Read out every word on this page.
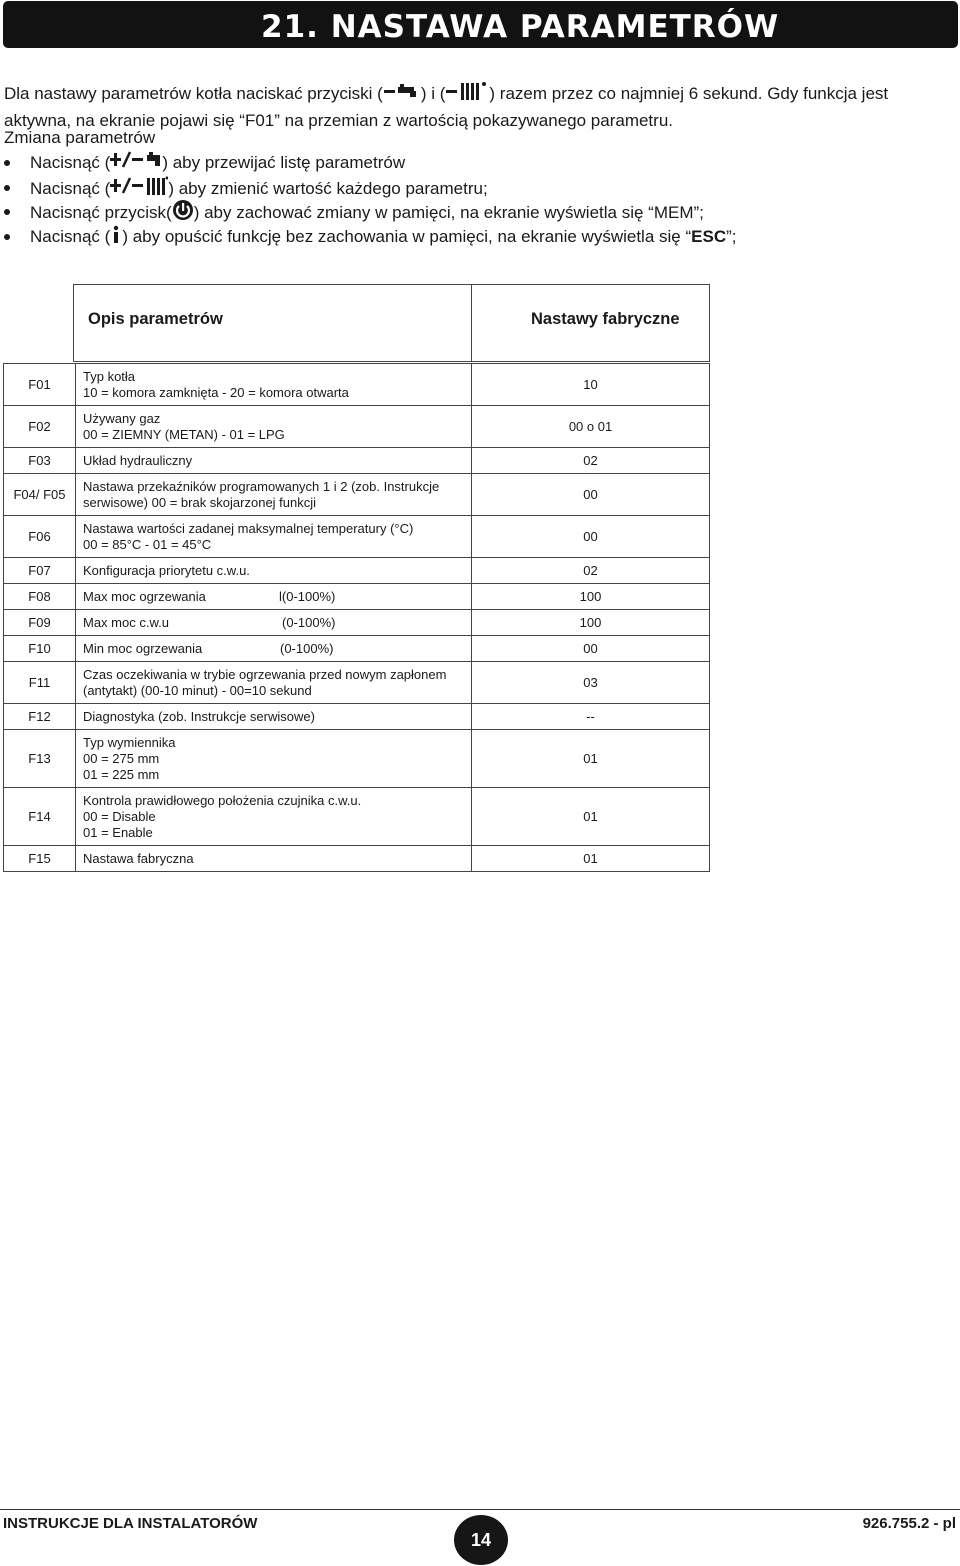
21. NASTAWA PARAMETRÓW

Dla nastawy parametrów kotła naciskać przyciski ( ) i (	) razem przez co najmniej 6 sekund. Gdy funkcja jest aktywna, na ekranie pojawi się “F01” na przemian z wartością pokazywanego parametru.

Zmiana parametrów
Nacisnąć (	) aby przewijać listę parametrów
Nacisnąć (	) aby zmienić wartość każdego parametru;
Nacisnąć przycisk( ) aby zachować zmiany w pamięci, na ekranie wyświetla się “MEM”;
Nacisnąć ( ) aby opuścić funkcję bez zachowania w pamięci, na ekranie wyświetla się “ESC”;
Opis parametrów	Nastawy fabryczne
F01	Typ kotła
10 = komora zamknięta - 20 = komora otwarta	10
F02	Używany gaz
00 = ZIEMNY (METAN) - 01 = LPG	00 o 01
F03	Układ hydrauliczny	02
F04/ F05	Nastawa przekaźników programowanych 1 i 2 (zob. Instrukcje
serwisowe) 00 = brak skojarzonej funkcji	00
F06	Nastawa wartości zadanej maksymalnej temperatury (°C)
00 = 85°C - 01 = 45°C	00
F07	Konfiguracja priorytetu c.w.u.	02
F08	Max moc ogrzewania l(0-100%)	100
F09	Max moc c.w.u (0-100%)	100
F10	Min moc ogrzewania (0-100%)	00
F11	Czas oczekiwania w trybie ogrzewania przed nowym zapłonem
(antytakt) (00-10 minut) - 00=10 sekund	03
F12	Diagnostyka (zob. Instrukcje serwisowe)	--
F13	Typ wymiennika
00 = 275 mm
01 = 225 mm	01
F14	Kontrola prawidłowego położenia czujnika c.w.u.
00 = Disable
01 = Enable	01
F15	Nastawa fabryczna	01
INSTRUKCJE DLA INSTALATORÓW
14
926.755.2 - pl
